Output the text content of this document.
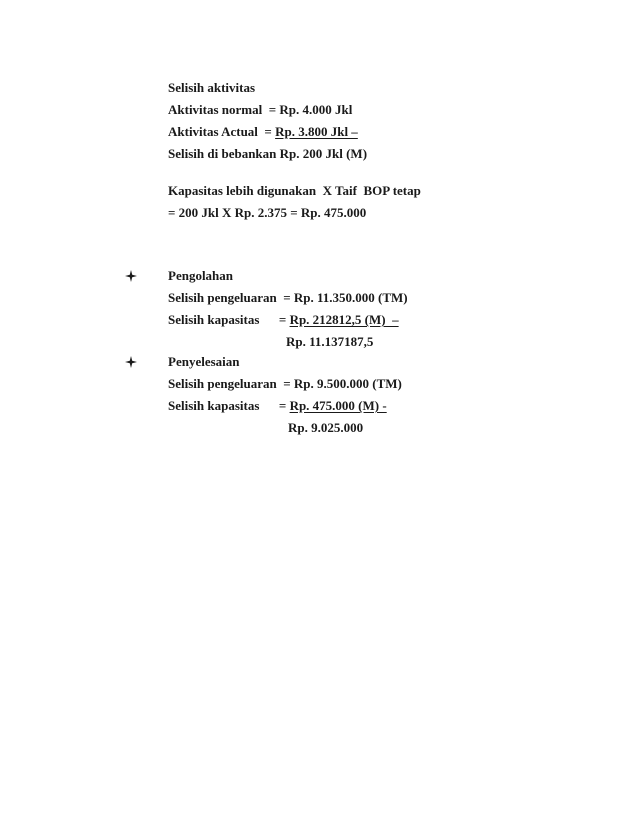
Selisih aktivitas
Aktivitas normal  = Rp. 4.000 Jkl
Aktivitas Actual  = Rp. 3.800 Jkl –
Selisih di bebankan Rp. 200 Jkl (M)
Kapasitas lebih digunakan  X Taif  BOP tetap
= 200 Jkl X Rp. 2.375 = Rp. 475.000
Pengolahan
Selisih pengeluaran  = Rp. 11.350.000 (TM)
Selisih kapasitas      = Rp. 212812,5 (M)  –
Rp. 11.137187,5
Penyelesaian
Selisih pengeluaran  = Rp. 9.500.000 (TM)
Selisih kapasitas      = Rp. 475.000 (M) -
Rp. 9.025.000
